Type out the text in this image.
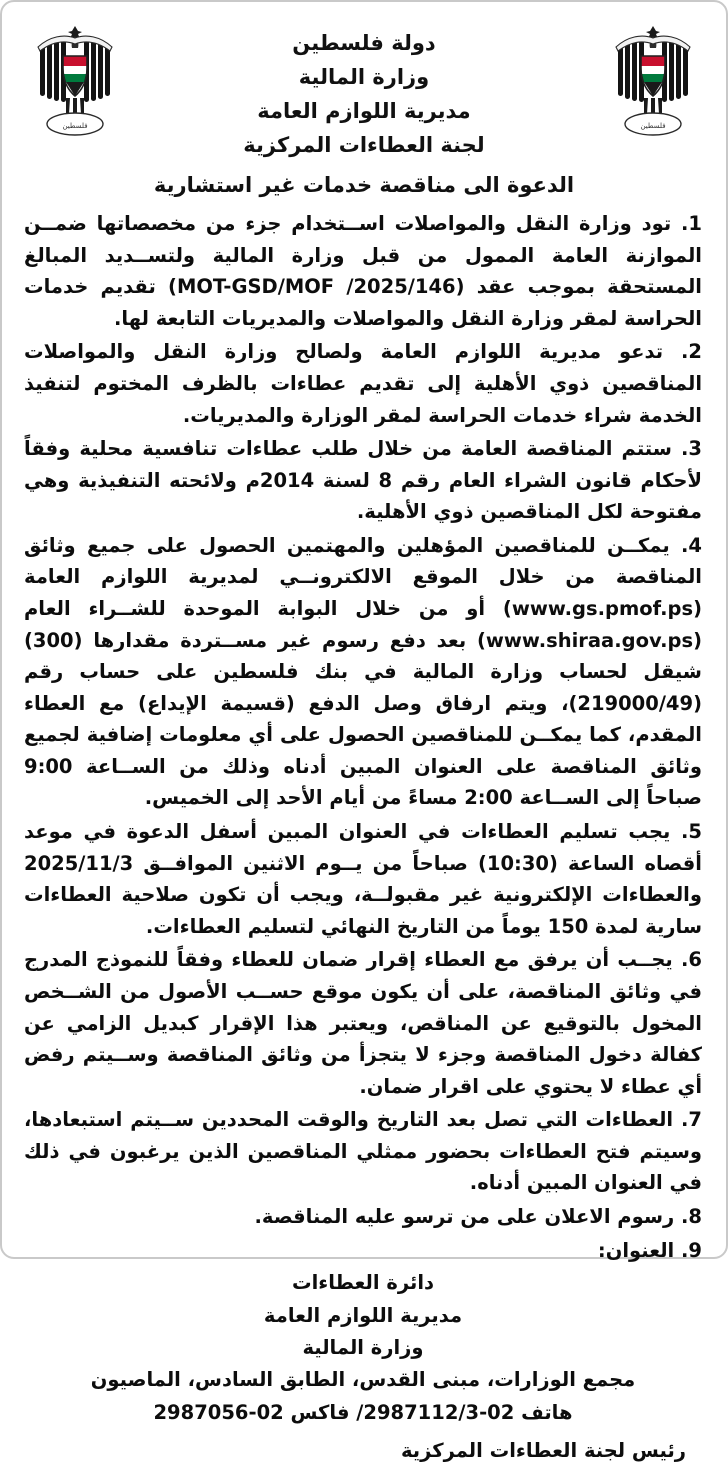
فلسطين
دولة فلسطين
وزارة المالية
مديرية اللوازم العامة
لجنة العطاءات المركزية
الدعوة الى مناقصة خدمات غير استشارية
فلسطين

1. تود وزارة النقل والمواصلات اســتخدام جزء من مخصصاتها ضمــن الموازنة العامة الممول من قبل وزارة المالية ولتســديد المبالغ المستحقة بموجب عقد (MOT-GSD/MOF /2025/146) تقديم خدمات الحراسة لمقر وزارة النقل والمواصلات والمديريات التابعة لها.

2. تدعو مديرية اللوازم العامة ولصالح وزارة النقل والمواصلات المناقصين ذوي الأهلية إلى تقديم عطاءات بالظرف المختوم لتنفيذ الخدمة شراء خدمات الحراسة لمقر الوزارة والمديريات.

3. ستتم المناقصة العامة من خلال طلب عطاءات تنافسية محلية وفقاً لأحكام قانون الشراء العام رقم 8 لسنة 2014م ولائحته التنفيذية وهي مفتوحة لكل المناقصين ذوي الأهلية.

4. يمكــن للمناقصين المؤهلين والمهتمين الحصول على جميع وثائق المناقصة من خلال الموقع الالكترونــي لمديرية اللوازم العامة (www.gs.pmof.ps) أو من خلال البوابة الموحدة للشــراء العام (www.shiraa.gov.ps) بعد دفع رسوم غير مســتردة مقدارها (300) شيقل لحساب وزارة المالية في بنك فلسطين على حساب رقم (219000/49)، ويتم ارفاق وصل الدفع (قسيمة الإيداع) مع العطاء المقدم، كما يمكــن للمناقصين الحصول على أي معلومات إضافية لجميع وثائق المناقصة على العنوان المبين أدناه وذلك من الســاعة 9:00 صباحاً إلى الســاعة 2:00 مساءً من أيام الأحد إلى الخميس.

5. يجب تسليم العطاءات في العنوان المبين أسفل الدعوة في موعد أقصاه الساعة (10:30) صباحاً من يــوم الاثنين الموافــق 2025/11/3 والعطاءات الإلكترونية غير مقبولــة، ويجب أن تكون صلاحية العطاءات سارية لمدة 150 يوماً من التاريخ النهائي لتسليم العطاءات.

6. يجــب أن يرفق مع العطاء إقرار ضمان للعطاء وفقاً للنموذج المدرج في وثائق المناقصة، على أن يكون موقع حســب الأصول من الشــخص المخول بالتوقيع عن المناقص، ويعتبر هذا الإقرار كبديل الزامي عن كفالة دخول المناقصة وجزء لا يتجزأ من وثائق المناقصة وســيتم رفض أي عطاء لا يحتوي على اقرار ضمان.

7. العطاءات التي تصل بعد التاريخ والوقت المحددين ســيتم استبعادها، وسيتم فتح العطاءات بحضور ممثلي المناقصين الذين يرغبون في ذلك في العنوان المبين أدناه.

8. رسوم الاعلان على من ترسو عليه المناقصة.

9. العنوان:

دائرة العطاءات
مديرية اللوازم العامة
وزارة المالية
مجمع الوزارات، مبنى القدس، الطابق السادس، الماصيون
هاتف 02-2987112/3/ فاكس 02-2987056
رئيس لجنة العطاءات المركزية
